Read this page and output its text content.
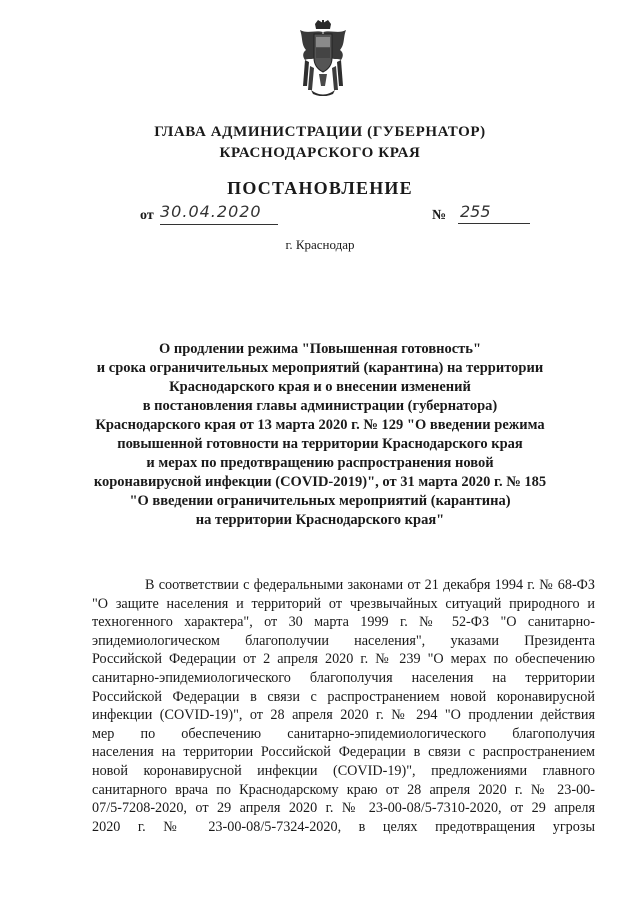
ГЛАВА АДМИНИСТРАЦИИ (ГУБЕРНАТОР)
КРАСНОДАРСКОГО КРАЯ
ПОСТАНОВЛЕНИЕ
от 30.04.2020	№ 255
г. Краснодар
О продлении режима "Повышенная готовность"
и срока ограничительных мероприятий (карантина) на территории
Краснодарского края и о внесении изменений
в постановления главы администрации (губернатора)
Краснодарского края от 13 марта 2020 г. № 129 "О введении режима
повышенной готовности на территории Краснодарского края
и мерах по предотвращению распространения новой
коронавирусной инфекции (COVID-2019)", от 31 марта 2020 г. № 185
"О введении ограничительных мероприятий (карантина)
на территории Краснодарского края"
В соответствии с федеральными законами от 21 декабря 1994 г. № 68-ФЗ
"О защите населения и территорий от чрезвычайных ситуаций природного и
техногенного характера", от 30 марта 1999 г. № 52-ФЗ "О санитарно-
эпидемиологическом благополучии населения", указами Президента
Российской Федерации от 2 апреля 2020 г. № 239 "О мерах по обеспечению
санитарно-эпидемиологического благополучия населения на территории
Российской Федерации в связи с распространением новой коронавирусной
инфекции (COVID-19)", от 28 апреля 2020 г. № 294 "О продлении действия
мер по обеспечению санитарно-эпидемиологического благополучия
населения на территории Российской Федерации в связи с распространением
новой коронавирусной инфекции (COVID-19)", предложениями главного
санитарного врача по Краснодарскому краю от 28 апреля 2020 г. № 23-00-
07/5-7208-2020, от 29 апреля 2020 г. № 23-00-08/5-7310-2020, от 29 апреля
2020 г. № 23-00-08/5-7324-2020, в целях предотвращения угрозы
